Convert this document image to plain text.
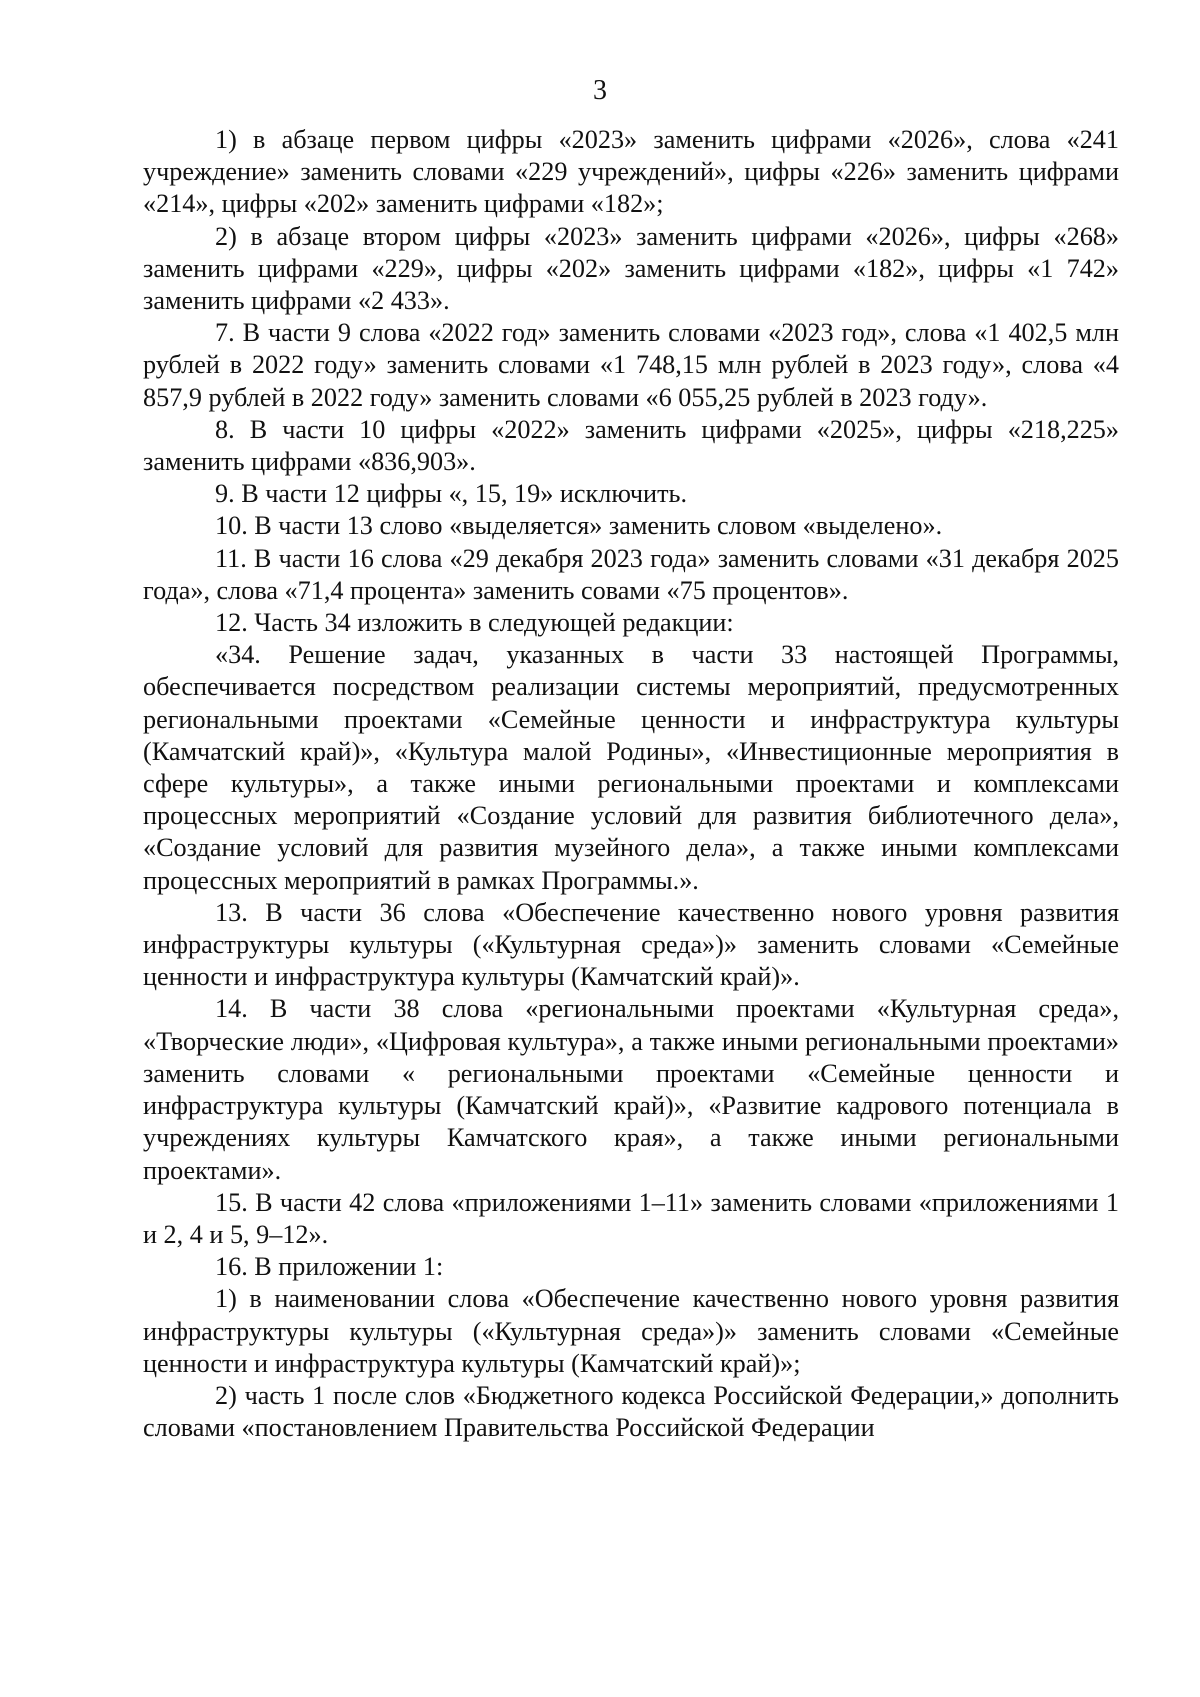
3

1) в абзаце первом цифры «2023» заменить цифрами «2026», слова «241 учреждение» заменить словами «229 учреждений», цифры «226» заменить цифрами «214», цифры «202» заменить цифрами «182»;

2) в абзаце втором цифры «2023» заменить цифрами «2026», цифры «268» заменить цифрами «229», цифры «202» заменить цифрами «182», цифры «1 742» заменить цифрами «2 433».

7. В части 9 слова «2022 год» заменить словами «2023 год», слова «1 402,5 млн рублей в 2022 году» заменить словами «1 748,15 млн рублей в 2023 году», слова «4 857,9 рублей в 2022 году» заменить словами «6 055,25 рублей в 2023 году».

8. В части 10 цифры «2022» заменить цифрами «2025», цифры «218,225» заменить цифрами «836,903».

9. В части 12 цифры «, 15, 19» исключить.

10. В части 13 слово «выделяется» заменить словом «выделено».

11. В части 16 слова «29 декабря 2023 года» заменить словами «31 декабря 2025 года», слова «71,4 процента» заменить совами «75 процентов».

12. Часть 34 изложить в следующей редакции:

«34. Решение задач, указанных в части 33 настоящей Программы, обеспечивается посредством реализации системы мероприятий, предусмотренных региональными проектами «Семейные ценности и инфраструктура культуры (Камчатский край)», «Культура малой Родины», «Инвестиционные мероприятия в сфере культуры», а также иными региональными проектами и комплексами процессных мероприятий «Создание условий для развития библиотечного дела», «Создание условий для развития музейного дела», а также иными комплексами процессных мероприятий в рамках Программы.».

13. В части 36 слова «Обеспечение качественно нового уровня развития инфраструктуры культуры («Культурная среда»)» заменить словами «Семейные ценности и инфраструктура культуры (Камчатский край)».

14. В части 38 слова «региональными проектами «Культурная среда», «Творческие люди», «Цифровая культура», а также иными региональными проектами» заменить словами « региональными проектами «Семейные ценности и инфраструктура культуры (Камчатский край)», «Развитие кадрового потенциала в учреждениях культуры Камчатского края», а также иными региональными проектами».

15. В части 42 слова «приложениями 1–11» заменить словами «приложениями 1 и 2, 4 и 5, 9–12».

16. В приложении 1:

1) в наименовании слова «Обеспечение качественно нового уровня развития инфраструктуры культуры («Культурная среда»)» заменить словами «Семейные ценности и инфраструктура культуры (Камчатский край)»;

2) часть 1 после слов «Бюджетного кодекса Российской Федерации,» дополнить словами «постановлением Правительства Российской Федерации
